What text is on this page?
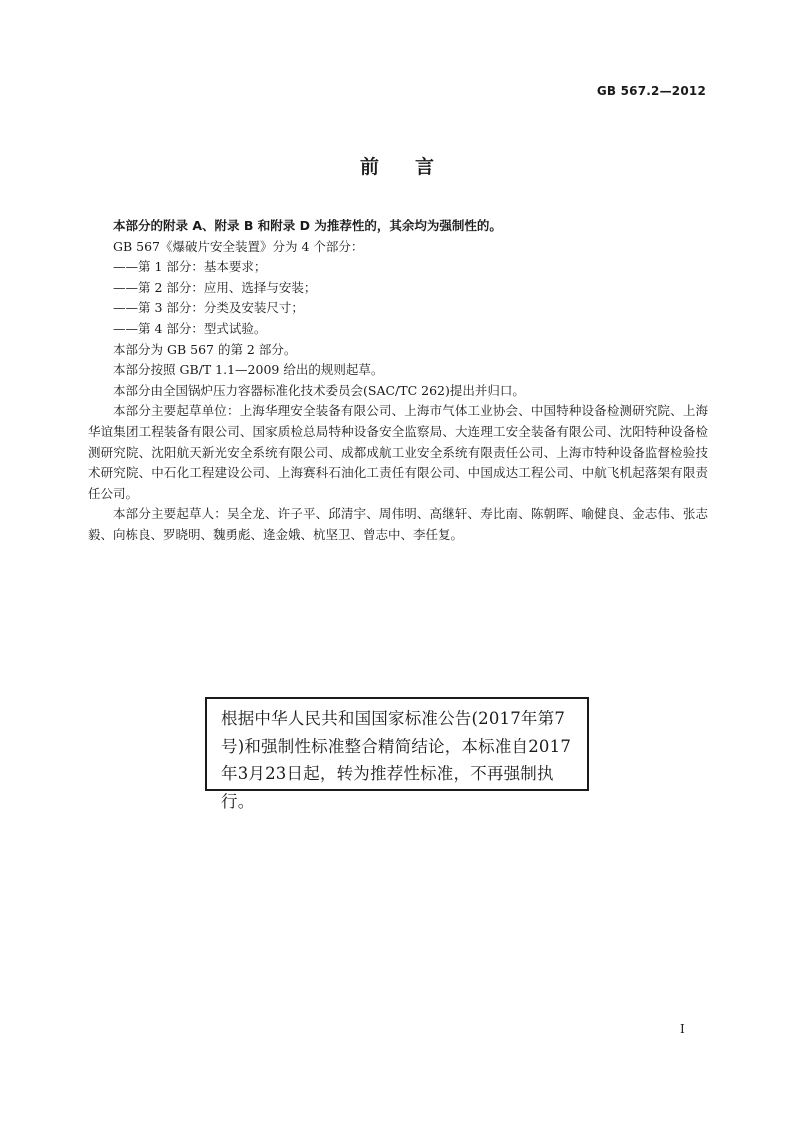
GB 567.2—2012
前言

本部分的附录 A、附录 B 和附录 D 为推荐性的，其余均为强制性的。

GB 567《爆破片安全装置》分为 4 个部分：

——第 1 部分：基本要求；

——第 2 部分：应用、选择与安装；

——第 3 部分：分类及安装尺寸；

——第 4 部分：型式试验。

本部分为 GB 567 的第 2 部分。

本部分按照 GB/T 1.1—2009 给出的规则起草。

本部分由全国锅炉压力容器标准化技术委员会(SAC/TC 262)提出并归口。

本部分主要起草单位：上海华理安全装备有限公司、上海市气体工业协会、中国特种设备检测研究院、上海华谊集团工程装备有限公司、国家质检总局特种设备安全监察局、大连理工安全装备有限公司、沈阳特种设备检测研究院、沈阳航天新光安全系统有限公司、成都成航工业安全系统有限责任公司、上海市特种设备监督检验技术研究院、中石化工程建设公司、上海赛科石油化工责任有限公司、中国成达工程公司、中航飞机起落架有限责任公司。

本部分主要起草人：吴全龙、许子平、邱清宇、周伟明、高继轩、寿比南、陈朝晖、喻健良、金志伟、张志毅、向栋良、罗晓明、魏勇彪、逄金娥、杭坚卫、曾志中、李任复。

根据中华人民共和国国家标准公告(2017年第7号)和强制性标准整合精简结论，本标准自2017年3月23日起，转为推荐性标准，不再强制执行。
I
